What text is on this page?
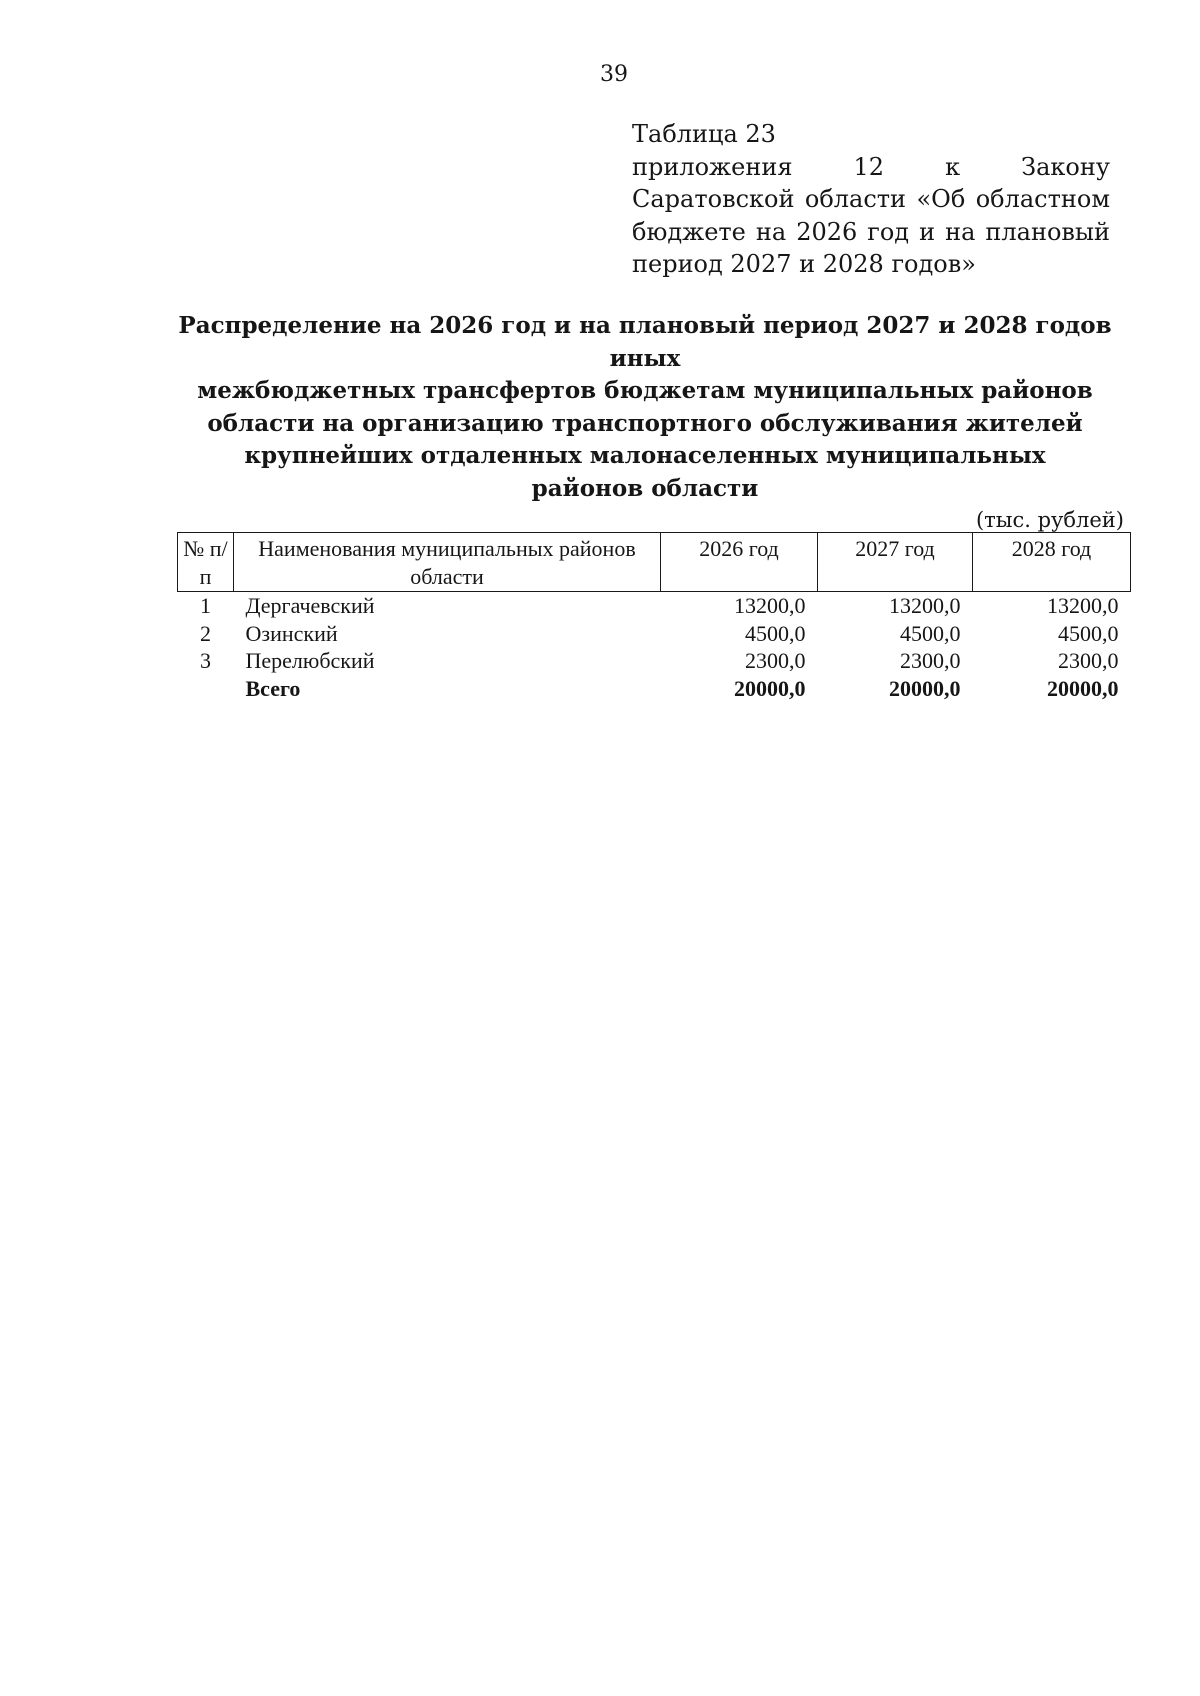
39

Таблица 23

приложения 12 к Закону Саратовской области «Об областном бюджете на 2026 год и на плановый период 2027 и 2028 годов»

Распределение на 2026 год и на плановый период 2027 и 2028 годов иных
межбюджетных трансфертов бюджетам муниципальных районов
области на организацию транспортного обслуживания жителей
крупнейших отдаленных малонаселенных муниципальных
районов области

(тыс. рублей)

№ п/п	Наименования муниципальных районов области	2026 год	2027 год	2028 год
1	Дергачевский	13200,0	13200,0	13200,0
2	Озинский	4500,0	4500,0	4500,0
3	Перелюбский	2300,0	2300,0	2300,0
	Всего	20000,0	20000,0	20000,0
